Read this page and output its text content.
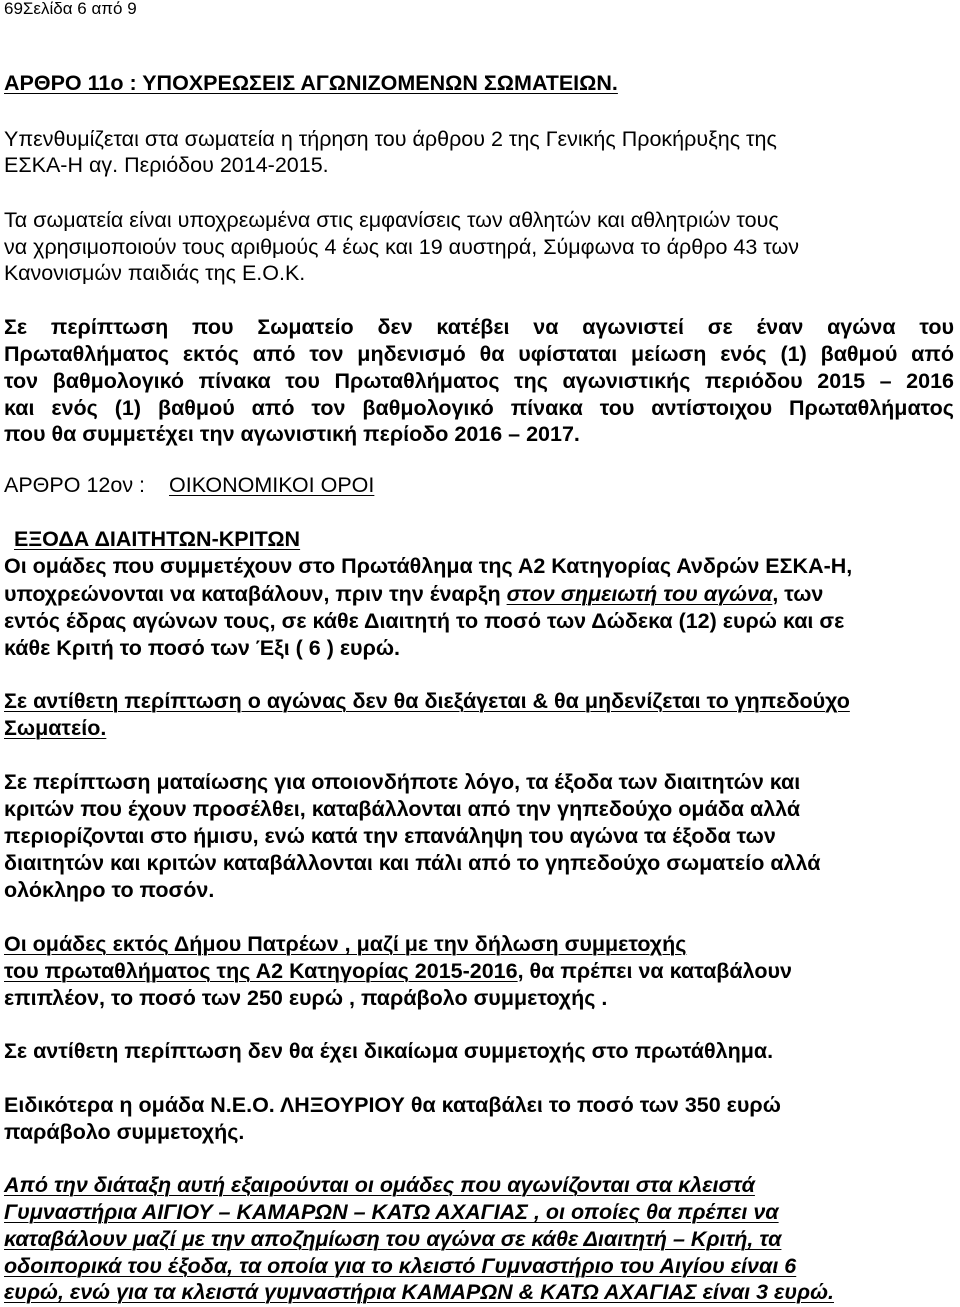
69Σελίδα 6 από 9
ΑΡΘΡΟ 11ο : ΥΠΟΧΡΕΩΣΕΙΣ ΑΓΩΝΙΖΟΜΕΝΩΝ ΣΩΜΑΤΕΙΩΝ.
Υπενθυμίζεται στα σωματεία η τήρηση του άρθρου 2 της Γενικής Προκήρυξης της
ΕΣΚΑ-Η αγ. Περιόδου 2014-2015.
Τα σωματεία είναι υποχρεωμένα στις εμφανίσεις των αθλητών και αθλητριών τους
να χρησιμοποιούν τους αριθμούς 4 έως και 19 αυστηρά, Σύμφωνα το άρθρο 43 των
Κανονισμών παιδιάς της Ε.Ο.Κ.
Σε περίπτωση που Σωματείο δεν κατέβει να αγωνιστεί σε έναν αγώνα του
Πρωταθλήματος εκτός από τον μηδενισμό θα υφίσταται μείωση ενός (1) βαθμού από
τον βαθμολογικό πίνακα του Πρωταθλήματος της αγωνιστικής περιόδου 2015 – 2016
και ενός (1) βαθμού από τον βαθμολογικό πίνακα του αντίστοιχου Πρωταθλήματος
που θα συμμετέχει την αγωνιστική περίοδο 2016 – 2017.
ΑΡΘΡΟ 12ον : ΟΙΚΟΝΟΜΙΚΟΙ ΟΡΟΙ
ΕΞΟΔΑ ΔΙΑΙΤΗΤΩΝ-ΚΡΙΤΩΝ
Οι ομάδες που συμμετέχουν στο Πρωτάθλημα της Α2 Κατηγορίας Ανδρών ΕΣΚΑ-Η,
υποχρεώνονται να καταβάλουν, πριν την έναρξη στον σημειωτή του αγώνα, των
εντός έδρας αγώνων τους, σε κάθε Διαιτητή το ποσό των Δώδεκα (12) ευρώ και σε
κάθε Κριτή το ποσό των Έξι ( 6 ) ευρώ.
Σε αντίθετη περίπτωση ο αγώνας δεν θα διεξάγεται & θα μηδενίζεται το γηπεδούχο
Σωματείο.
Σε περίπτωση ματαίωσης για οποιονδήποτε λόγο, τα έξοδα των διαιτητών και
κριτών που έχουν προσέλθει, καταβάλλονται από την γηπεδούχο ομάδα αλλά
περιορίζονται στο ήμισυ, ενώ κατά την επανάληψη του αγώνα τα έξοδα των
διαιτητών και κριτών καταβάλλονται και πάλι από το γηπεδούχο σωματείο αλλά
ολόκληρο το ποσόν.
Οι ομάδες εκτός Δήμου Πατρέων , μαζί με την δήλωση συμμετοχής
του πρωταθλήματος της Α2 Κατηγορίας 2015-2016, θα πρέπει να καταβάλουν
επιπλέον, το ποσό των 250 ευρώ , παράβολο συμμετοχής .
Σε αντίθετη περίπτωση δεν θα έχει δικαίωμα συμμετοχής στο πρωτάθλημα.
Ειδικότερα η ομάδα Ν.Ε.Ο. ΛΗΞΟΥΡΙΟΥ θα καταβάλει το ποσό των 350 ευρώ
παράβολο συμμετοχής.
Από την διάταξη αυτή εξαιρούνται οι ομάδες που αγωνίζονται στα κλειστά
Γυμναστήρια ΑΙΓΙΟΥ – ΚΑΜΑΡΩΝ – ΚΑΤΩ ΑΧΑΓΙΑΣ , οι οποίες θα πρέπει να
καταβάλουν μαζί με την αποζημίωση του αγώνα σε κάθε Διαιτητή – Κριτή, τα
οδοιπορικά του έξοδα, τα οποία για το κλειστό Γυμναστήριο του Αιγίου είναι 6
ευρώ, ενώ για τα κλειστά γυμναστήρια ΚΑΜΑΡΩΝ & ΚΑΤΩ ΑΧΑΓΙΑΣ είναι 3 ευρώ.
